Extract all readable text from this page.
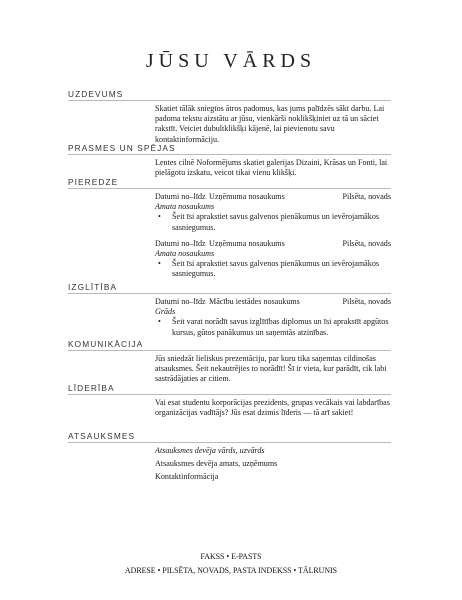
JŪSU VĀRDS
UZDEVUMS
Skatiet tālāk sniegtos ātros padomus, kas jums palīdzēs sākt darbu. Lai padoma tekstu aizstātu ar jūsu, vienkārši noklikšķiniet uz tā un sāciet rakstīt. Veiciet dubultklikšķi kājenē, lai pievienotu savu kontaktinformāciju.
PRASMES UN SPĒJAS
Lentes cilnē Noformējums skatiet galerijas Dizaini, Krāsas un Fonti, lai pielāgotu izskatu, veicot tikai vienu klikšķi.
PIEREDZE
Datumi no–līdz Uzņēmuma nosaukums	Pilsēta, novads
Amata nosaukums
• Šeit īsi aprakstiet savus galvenos pienākumus un ievērojamākos sasniegumus.
Datumi no–līdz Uzņēmuma nosaukums	Pilsēta, novads
Amata nosaukums
• Šeit īsi aprakstiet savus galvenos pienākumus un ievērojamākos sasniegumus.
IZGLĪTĪBA
Datumi no–līdz Mācību iestādes nosaukums	Pilsēta, novads
Grāds
• Šeit varat norādīt savus izglītības diplomus un īsi aprakstīt apgūtos kursus, gūtos panākumus un saņemtās atzinības.
KOMUNIKĀCIJA
Jūs sniedzāt lieliskus prezentāciju, par kuru tika saņemtas cildinošas atsauksmes. Šeit nekautrējies to norādīt! Šī ir vieta, kur parādīt, cik labi sastrādājaties ar citiem.
LĪDERĪBA
Vai esat studentu korporācijas prezidents, grupas vecākais vai labdarības organizācijas vadītājs? Jūs esat dzimis līderis — tā arī sakiet!
ATSAUKSMES
Atsauksmes devēja vārds, uzvārds
Atsauksmes devēja amats, uzņēmums
Kontaktinformācija
FAKSS • E-PASTS
ADRESE • PILSĒTA, NOVADS, PASTA INDEKSS • TĀLRUNIS
